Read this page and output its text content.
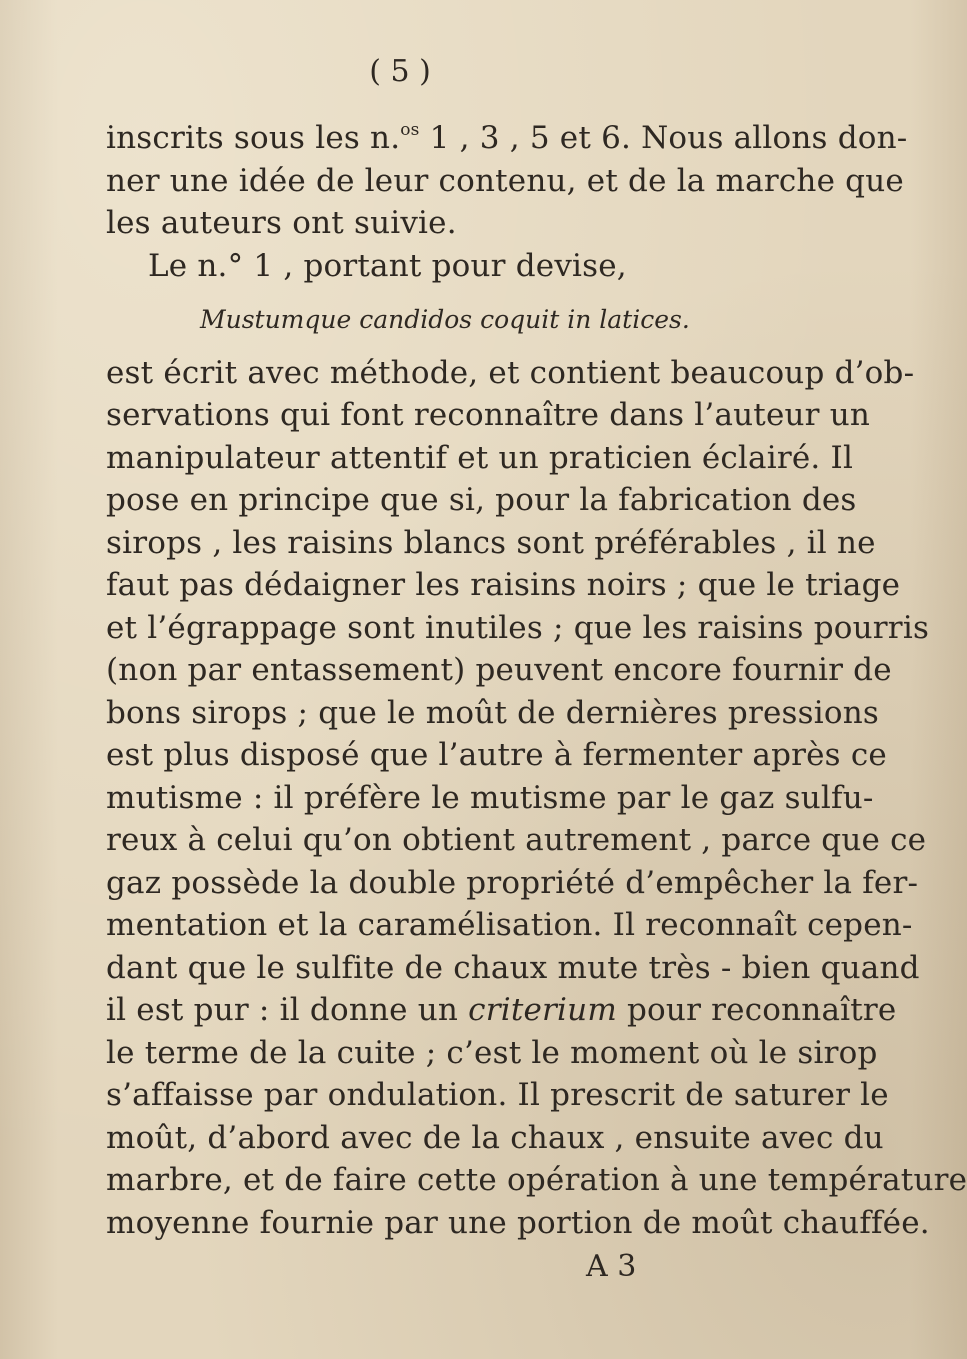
( 5 )
Mustumque candidos coquit in latices.
inscrits sous les n.$^{os}$ 1 , 3 , 5 et 6. Nous allons don-
ner une idée de leur contenu, et de la marche que
les auteurs ont suivie.
Le n.° 1 , portant pour devise,
est écrit avec méthode, et contient beaucoup d’ob-
servations qui font reconnaître dans l’auteur un
manipulateur attentif et un praticien éclairé. Il
pose en principe que si, pour la fabrication des
sirops , les raisins blancs sont préférables , il ne
faut pas dédaigner les raisins noirs ; que le triage
et l’égrappage sont inutiles ; que les raisins pourris
(non par entassement) peuvent encore fournir de
bons sirops ; que le moût de dernières pressions
est plus disposé que l’autre à fermenter après ce
mutisme : il préfère le mutisme par le gaz sulfu-
reux à celui qu’on obtient autrement , parce que ce
gaz possède la double propriété d’empêcher la fer-
mentation et la caramélisation. Il reconnaît cepen-
dant que le sulfite de chaux mute très - bien quand
il est pur : il donne un criterium pour reconnaître
le terme de la cuite ; c’est le moment où le sirop
s’affaisse par ondulation. Il prescrit de saturer le
moût, d’abord avec de la chaux , ensuite avec du
marbre, et de faire cette opération à une température
moyenne fournie par une portion de moût chauffée.
A 3
